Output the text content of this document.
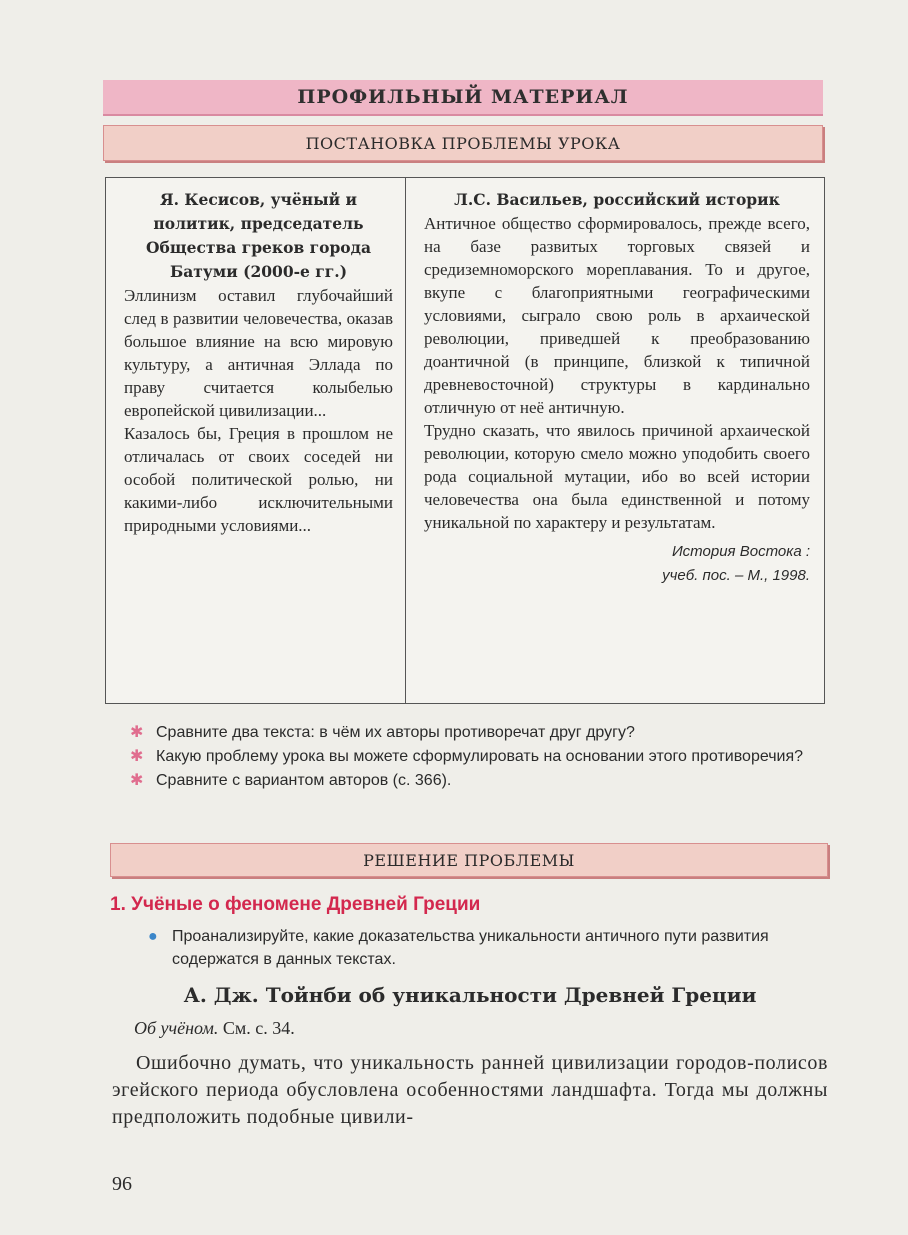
ПРОФИЛЬНЫЙ МАТЕРИАЛ
ПОСТАНОВКА ПРОБЛЕМЫ УРОКА
Я. Кесисов, учёный и политик, председатель Общества греков города Батуми (2000-е гг.)

Эллинизм оставил глубочайший след в развитии человечества, оказав большое влияние на всю мировую культуру, а античная Эллада по праву считается колыбелью европейской цивилизации...

Казалось бы, Греция в прошлом не отличалась от своих соседей ни особой политической ролью, ни какими-либо исключительными природными условиями...

Л.С. Васильев, российский историк

Античное общество сформировалось, прежде всего, на базе развитых торговых связей и средиземноморского мореплавания. То и другое, вкупе с благоприятными географическими условиями, сыграло свою роль в архаической революции, приведшей к преобразованию доантичной (в принципе, близкой к типичной древневосточной) структуры в кардинально отличную от неё античную.

Трудно сказать, что явилось причиной архаической революции, которую смело можно уподобить своего рода социальной мутации, ибо во всей истории человечества она была единственной и потому уникальной по характеру и результатам.

История Востока :
учеб. пос. – М., 1998.
✱ Сравните два текста: в чём их авторы противоречат друг другу?
✱ Какую проблему урока вы можете сформулировать на основании этого противоречия?
✱ Сравните с вариантом авторов (с. 366).
РЕШЕНИЕ ПРОБЛЕМЫ
1. Учёные о феномене Древней Греции
● Проанализируйте, какие доказательства уникальности античного пути развития содержатся в данных текстах.
А. Дж. Тойнби об уникальности Древней Греции
Об учёном. См. с. 34.
Ошибочно думать, что уникальность ранней цивилизации городов-полисов эгейского периода обусловлена особенностями ландшафта. Тогда мы должны предположить подобные цивили-
96
